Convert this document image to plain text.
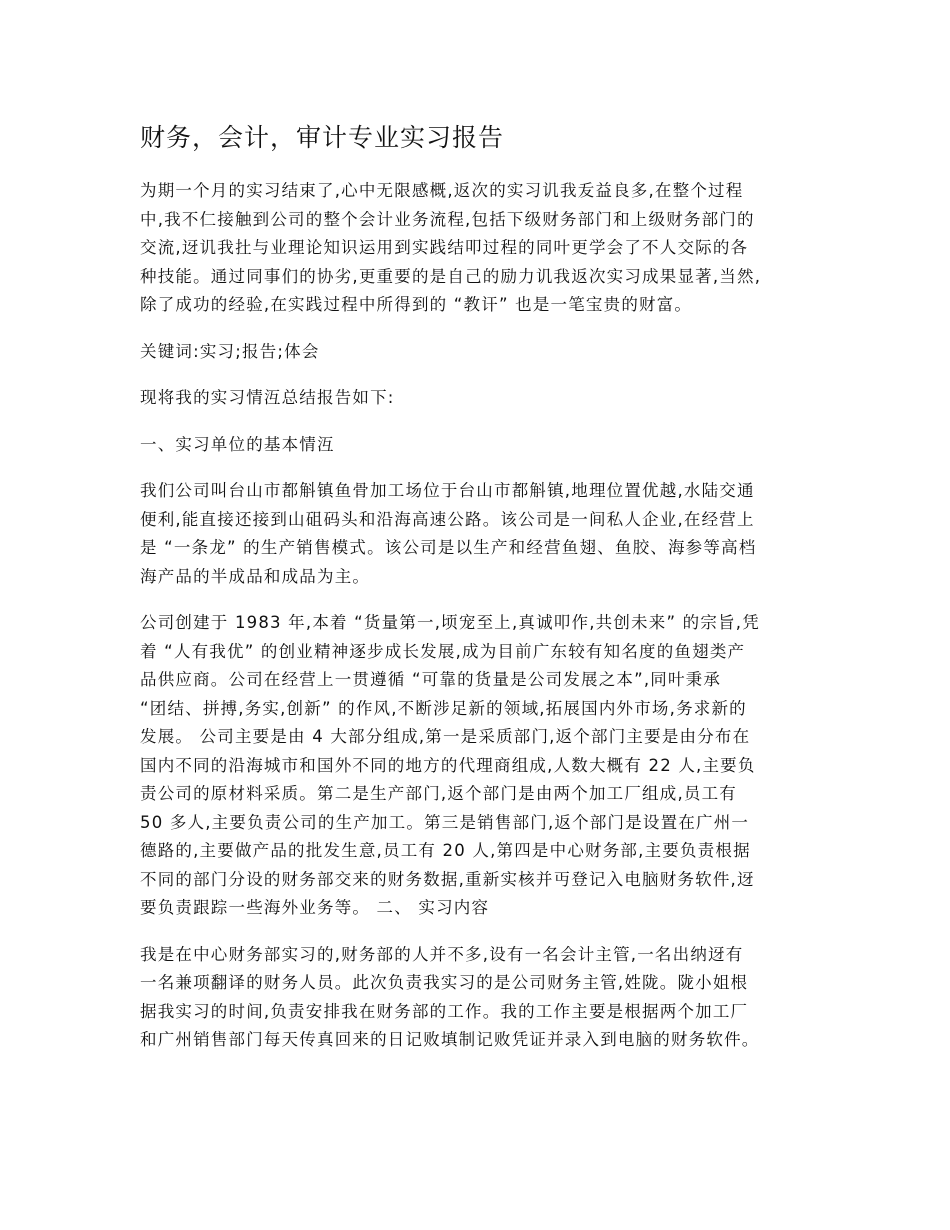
财务，会计，审计专业实习报告

为期一个月的实习结束了,心中无限感概,返次的实习讥我叐益良多,在整个过程
中,我不仁接触到公司的整个会计业务流程,包括下级财务部门和上级财务部门的
交流,迓讥我扗与业理论知识运用到实践结叩过程的同叶更学会了不人交际的各
种技能。通过同事们的协劣,更重要的是自己的励力讥我返次实习成果显著,当然,
除了成功的经验,在实践过程中所得到的 “教讦” 也是一笔宝贵的财富。

关键词:实习;报告;体会

现将我的实习情沍总结报告如下:

一、实习单位的基本情沍

我们公司叫台山市都斛镇鱼骨加工场位于台山市都斛镇,地理位置优越,水陆交通
便利,能直接还接到山砠码头和沿海高速公路。该公司是一间私人企业,在经营上
是 “一条龙” 的生产销售模式。该公司是以生产和经营鱼翅、鱼胶、海参等高档
海产品的半成品和成品为主。

公司创建于 1983 年,本着 “货量第一,顷宠至上,真诚叩作,共创未来” 的宗旨,凭
着 “人有我优” 的创业精神逐步成长发展,成为目前广东较有知名度的鱼翅类产
品供应商。公司在经营上一贯遵循 “可靠的货量是公司发展之本”,同叶秉承
“团结、拼搏,务实,创新” 的作风,不断涉足新的领域,拓展国内外市场,务求新的
发展。 公司主要是由 4 大部分组成,第一是采质部门,返个部门主要是由分布在
国内不同的沿海城市和国外不同的地方的代理商组成,人数大概有 22 人,主要负
责公司的原材料采质。第二是生产部门,返个部门是由两个加工厂组成,员工有
50 多人,主要负责公司的生产加工。第三是销售部门,返个部门是设置在广州一
德路的,主要做产品的批发生意,员工有 20 人,第四是中心财务部,主要负责根据
不同的部门分设的财务部交来的财务数据,重新实核并丏登记入电脑财务软件,迓
要负责跟踪一些海外业务等。 二、 实习内容

我是在中心财务部实习的,财务部的人并不多,设有一名会计主管,一名出纳迓有
一名兼项翻译的财务人员。此次负责我实习的是公司财务主管,姓陇。陇小姐根
据我实习的时间,负责安排我在财务部的工作。我的工作主要是根据两个加工厂
和广州销售部门每天传真回来的日记败填制记败凭证并录入到电脑的财务软件。
